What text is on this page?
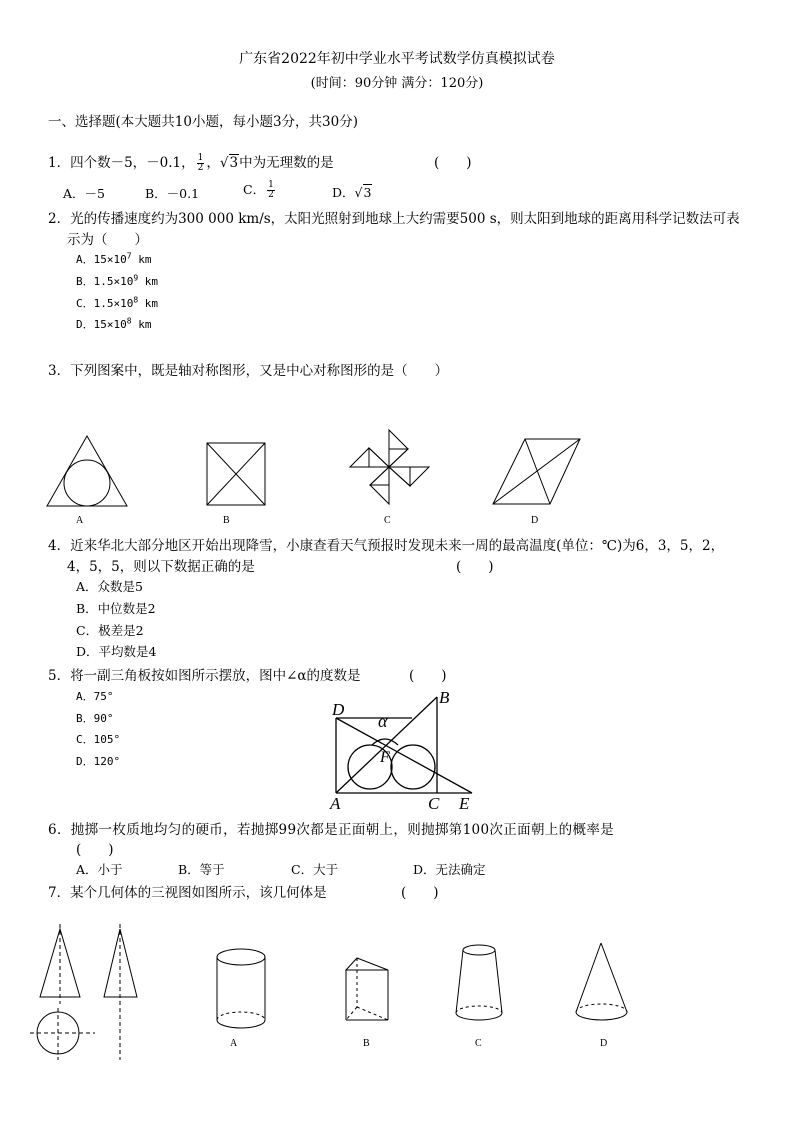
广东省2022年初中学业水平考试数学仿真模拟试卷
(时间：90分钟 满分：120分)
一、选择题(本大题共10小题，每小题3分，共30分)
1．四个数－5，－0.1， $\frac{1}{2}$ ，√3中为无理数的是	(　　)
A．－5	B．－0.1	C． $\frac{1}{2}$	D．√3
2．光的传播速度约为300 000 km/s，太阳光照射到地球上大约需要500 s，则太阳到地球的距离用科学记数法可表
示为（　　）
A．$15\times 10^7$ km
B．$1.5\times 10^9$ km
C．$1.5\times 10^8$ km
D．$15\times 10^8$ km
3．下列图案中，既是轴对称图形，又是中心对称图形的是（　　）
A	B	C	D
4．近来华北大部分地区开始出现降雪，小康查看天气预报时发现未来一周的最高温度(单位：℃)为6，3，5，2，
4，5，5，则以下数据正确的是	(　　)
A．众数是5
B．中位数是2
C．极差是2
D．平均数是4
5．将一副三角板按如图所示摆放，图中∠α的度数是	(　　)
A．75°
B．90°
C．105°
D．120°
D
B
α
F
A	C E
6．抛掷一枚质地均匀的硬币，若抛掷99次都是正面朝上，则抛掷第100次正面朝上的概率是
(　　)
A．小于	B．等于	C．大于	D．无法确定
7．某个几何体的三视图如图所示，该几何体是	(　　)
A	B	C	D
